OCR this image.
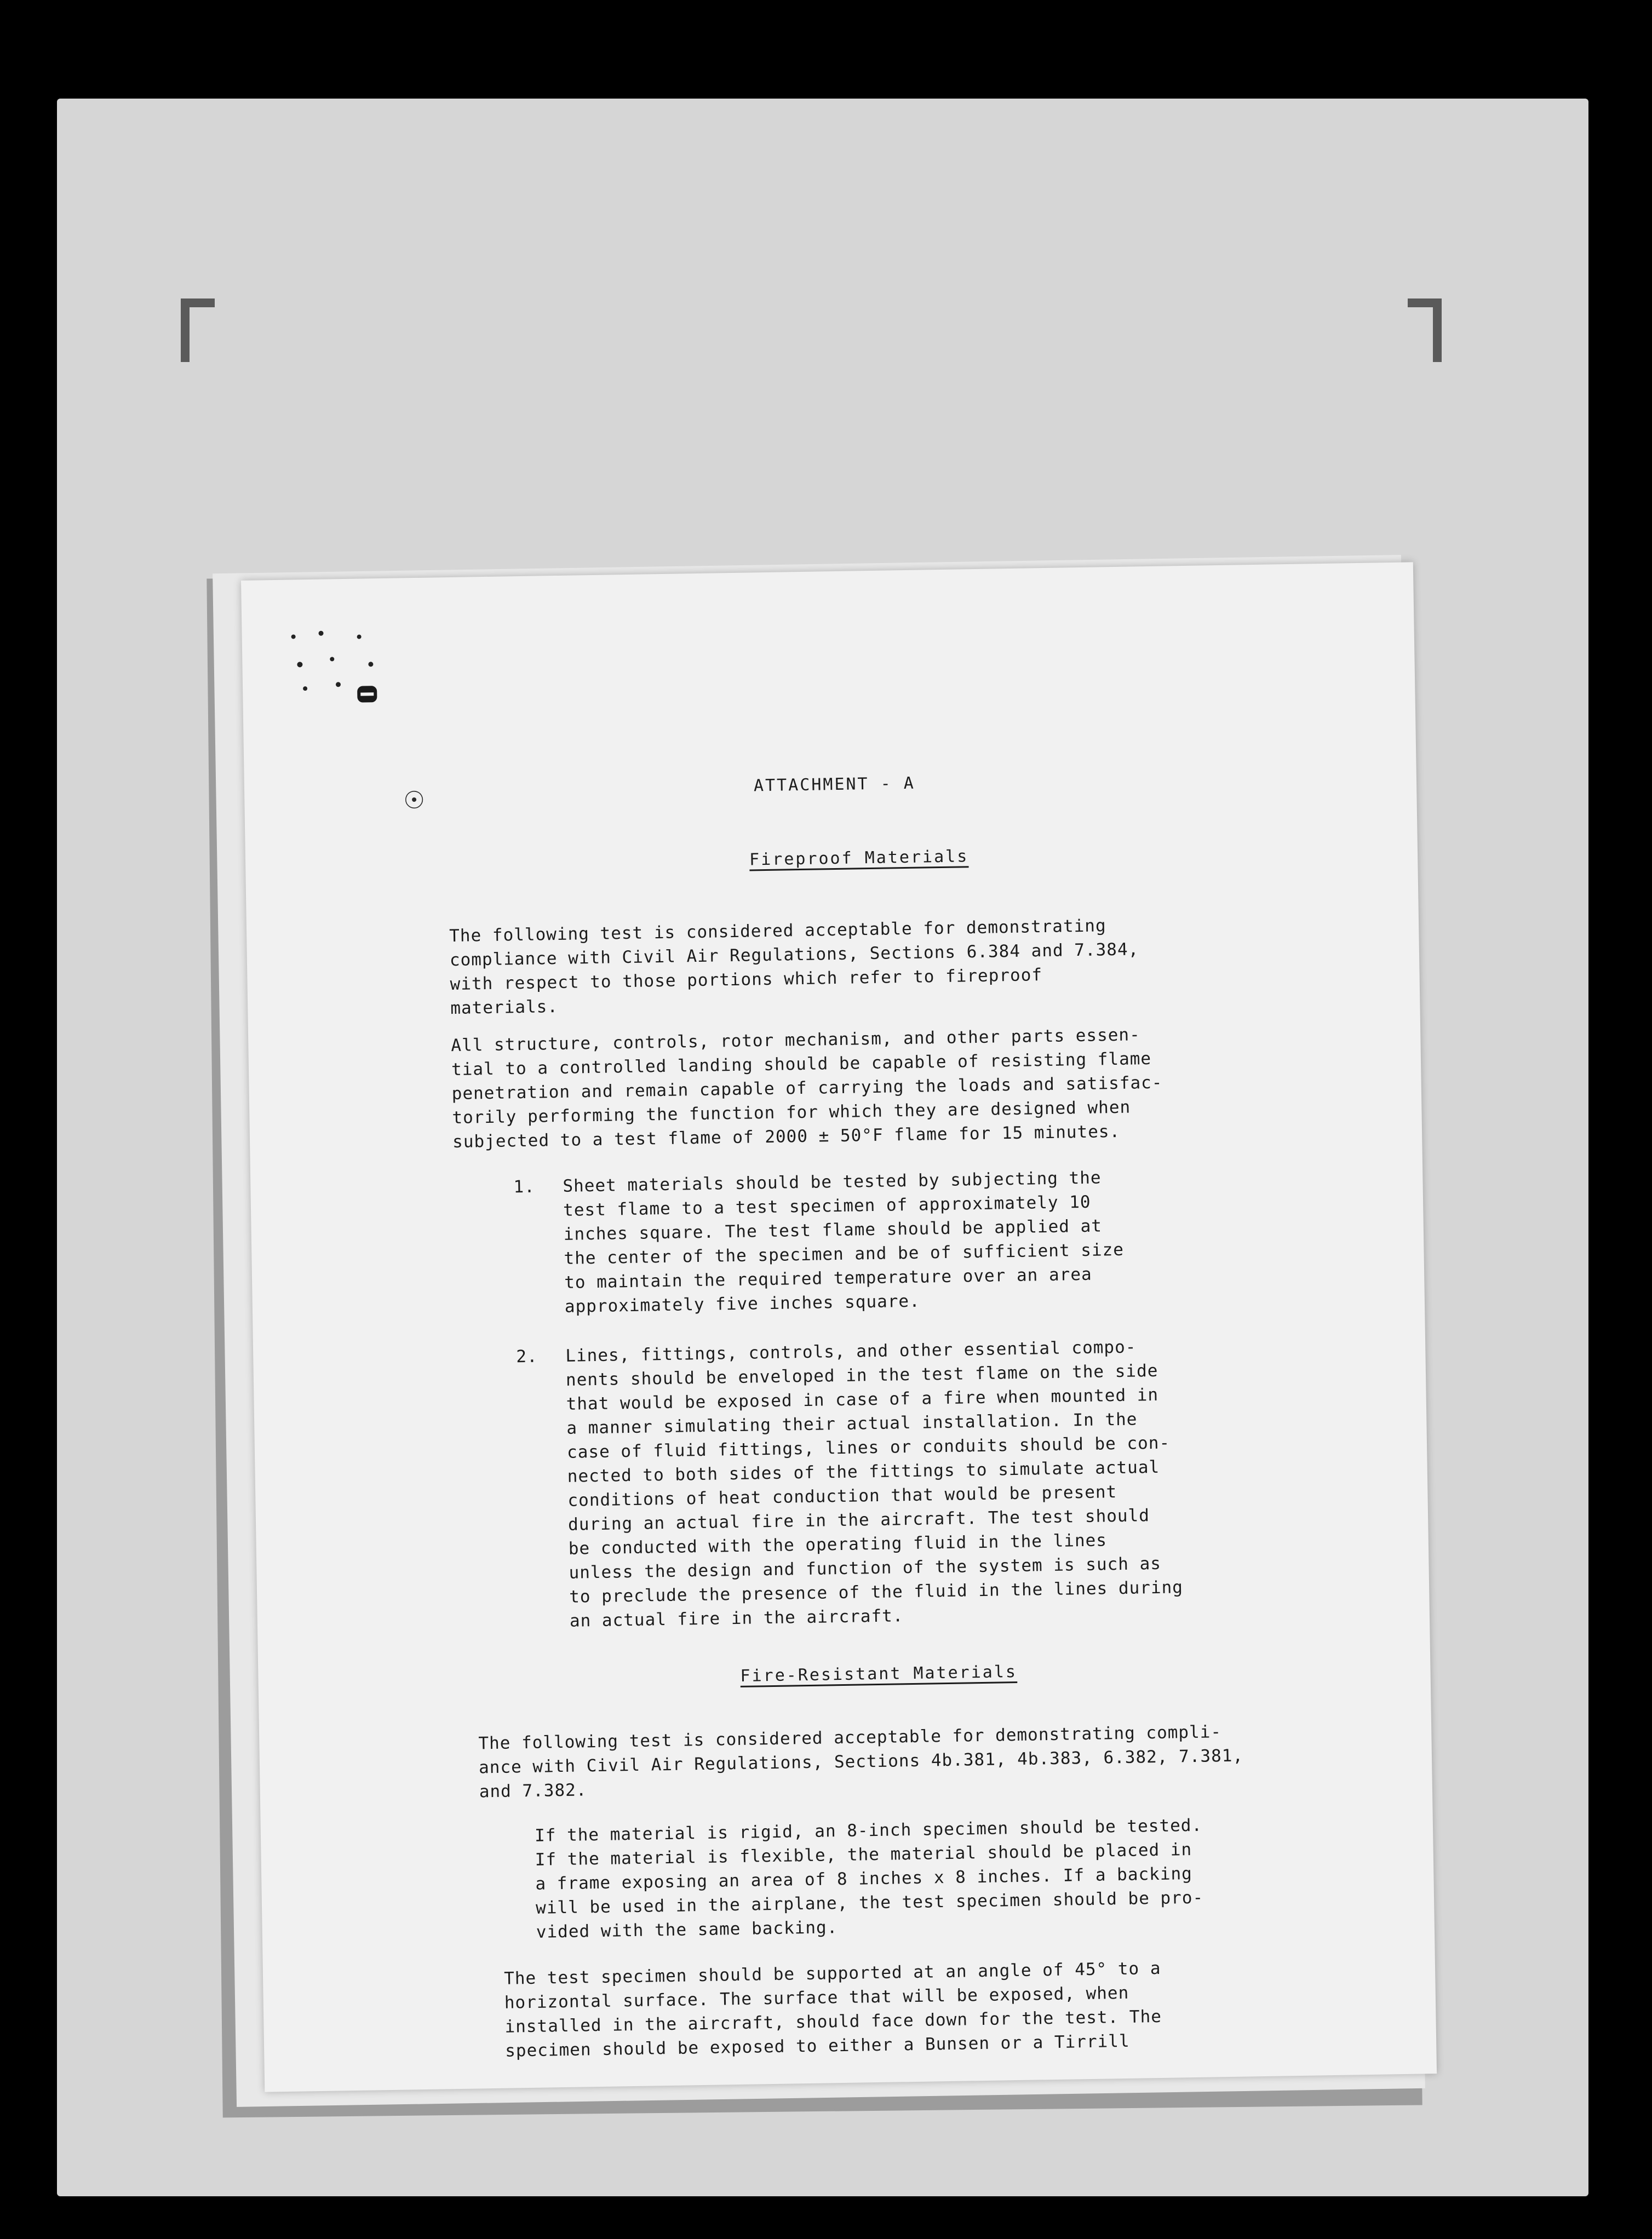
☉
ATTACHMENT - A
Fireproof Materials
The following test is considered acceptable for demonstrating
compliance with Civil Air Regulations, Sections 6.384 and 7.384,
with respect to those portions which refer to fireproof
materials.
All structure, controls, rotor mechanism, and other parts essen-
tial to a controlled landing should be capable of resisting flame
penetration and remain capable of carrying the loads and satisfac-
torily performing the function for which they are designed when
subjected to a test flame of 2000 ± 50°F flame for 15 minutes.
1. Sheet materials should be tested by subjecting the
test flame to a test specimen of approximately 10
inches square. The test flame should be applied at
the center of the specimen and be of sufficient size
to maintain the required temperature over an area
approximately five inches square.
2. Lines, fittings, controls, and other essential compo-
nents should be enveloped in the test flame on the side
that would be exposed in case of a fire when mounted in
a manner simulating their actual installation. In the
case of fluid fittings, lines or conduits should be con-
nected to both sides of the fittings to simulate actual
conditions of heat conduction that would be present
during an actual fire in the aircraft. The test should
be conducted with the operating fluid in the lines
unless the design and function of the system is such as
to preclude the presence of the fluid in the lines during
an actual fire in the aircraft.
Fire-Resistant Materials
The following test is considered acceptable for demonstrating compli-
ance with Civil Air Regulations, Sections 4b.381, 4b.383, 6.382, 7.381,
and 7.382.
If the material is rigid, an 8-inch specimen should be tested.
If the material is flexible, the material should be placed in
a frame exposing an area of 8 inches x 8 inches. If a backing
will be used in the airplane, the test specimen should be pro-
vided with the same backing.
The test specimen should be supported at an angle of 45° to a
horizontal surface. The surface that will be exposed, when
installed in the aircraft, should face down for the test. The
specimen should be exposed to either a Bunsen or a Tirrill
